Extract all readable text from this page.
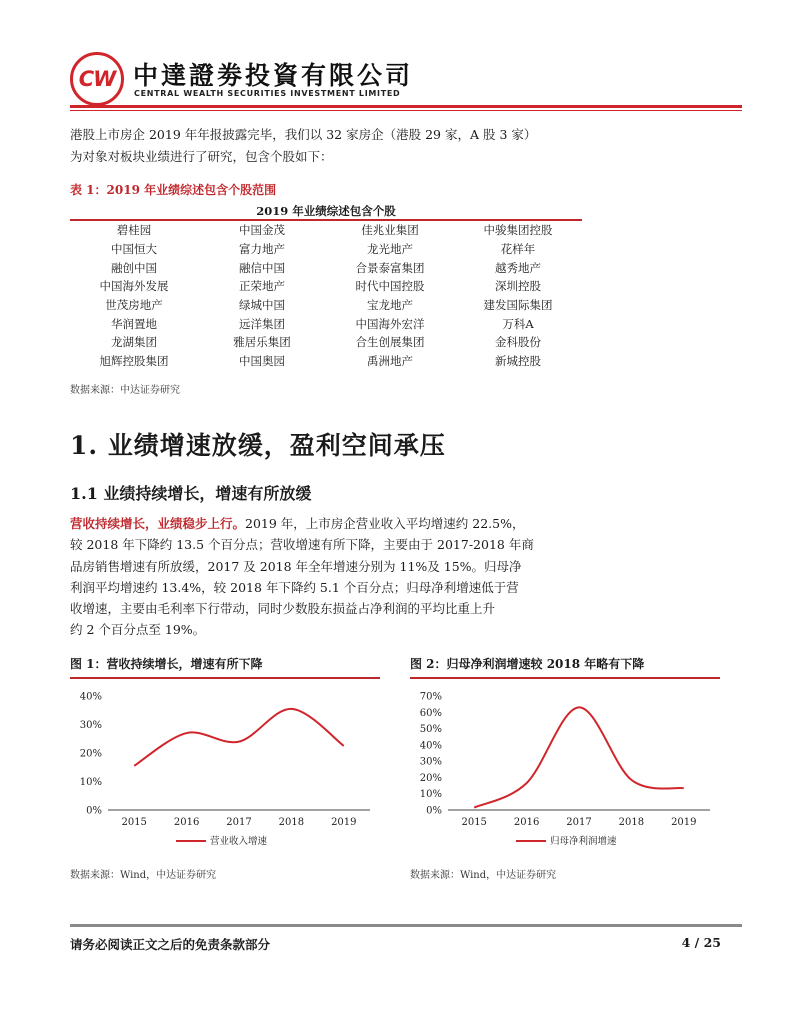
CW 中達證劵投資有限公司
CENTRAL WEALTH SECURITIES INVESTMENT LIMITED

港股上市房企 2019 年年报披露完毕，我们以 32 家房企（港股 29 家，A 股 3 家）

为对象对板块业绩进行了研究，包含个股如下：

表 1：2019 年业绩综述包含个股范围
2019 年业绩综述包含个股
碧桂园	中国金茂	佳兆业集团	中骏集团控股
中国恒大	富力地产	龙光地产	花样年
融创中国	融信中国	合景泰富集团	越秀地产
中国海外发展	正荣地产	时代中国控股	深圳控股
世茂房地产	绿城中国	宝龙地产	建发国际集团
华润置地	远洋集团	中国海外宏洋	万科A
龙湖集团	雅居乐集团	合生创展集团	金科股份
旭辉控股集团	中国奥园	禹洲地产	新城控股
数据来源：中达证券研究
1. 业绩增速放缓，盈利空间承压
1.1 业绩持续增长，增速有所放缓
营收持续增长，业绩稳步上行。2019 年，上市房企营业收入平均增速约 22.5%，
较 2018 年下降约 13.5 个百分点；营收增速有所下降，主要由于 2017-2018 年商
品房销售增速有所放缓，2017 及 2018 年全年增速分别为 11%及 15%。归母净
利润平均增速约 13.4%，较 2018 年下降约 5.1 个百分点；归母净利增速低于营
收增速，主要由毛利率下行带动，同时少数股东损益占净利润的平均比重上升
约 2 个百分点至 19%。
图 1：营收持续增长，增速有所下降	图 2：归母净利润增速较 2018 年略有下降
0%
10%
20%
30%
40%
2015	2016	2017	2018	2019
营业收入增速
0%
10%
20%
30%
40%
50%
60%
70%
2015	2016	2017	2018	2019
归母净利润增速
数据来源：Wind，中达证券研究	数据来源：Wind，中达证券研究
请务必阅读正文之后的免责条款部分	4 / 25
